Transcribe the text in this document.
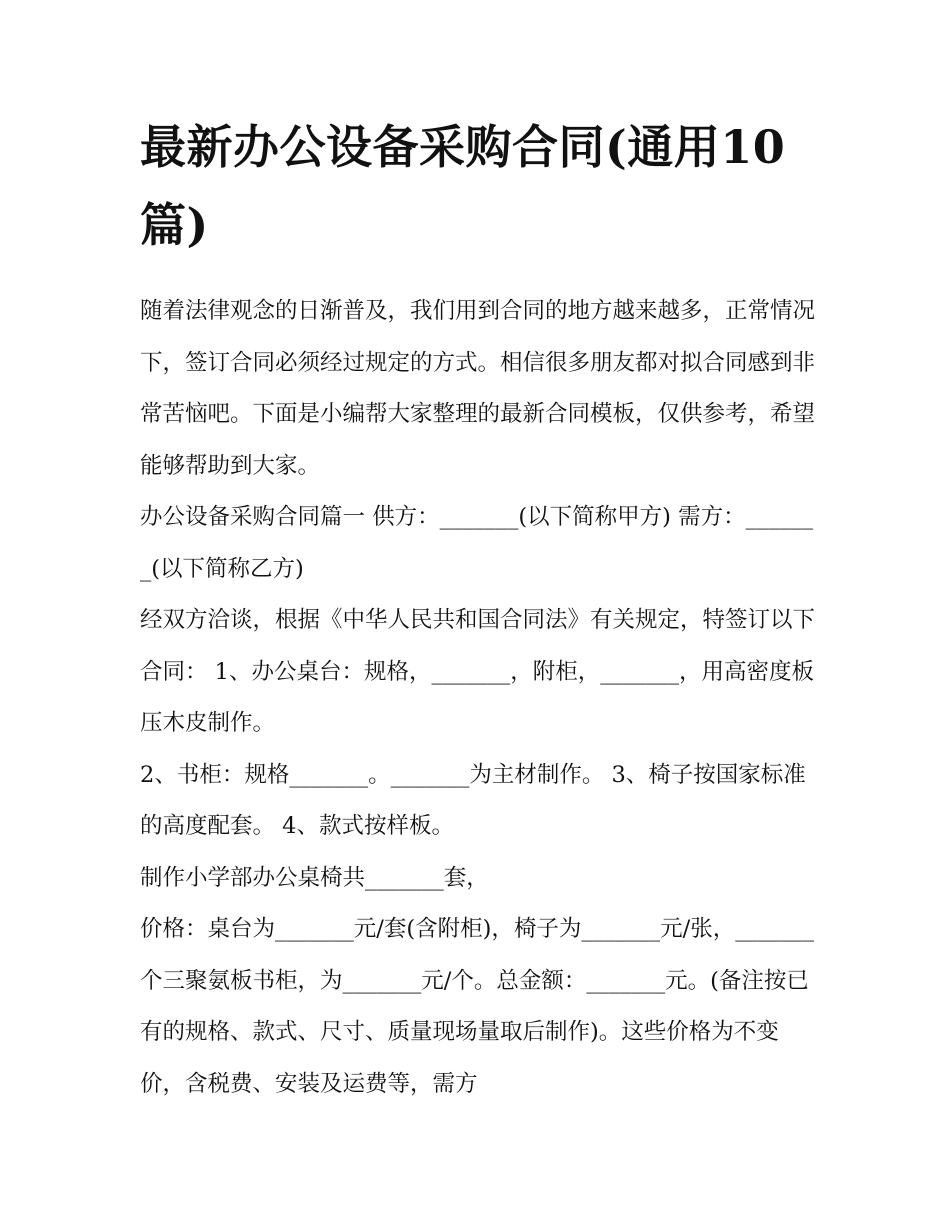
最新办公设备采购合同(通用10篇)

随着法律观念的日渐普及，我们用到合同的地方越来越多，正常情况下，签订合同必须经过规定的方式。相信很多朋友都对拟合同感到非常苦恼吧。下面是小编帮大家整理的最新合同模板，仅供参考，希望能够帮助到大家。

办公设备采购合同篇一 供方：_______(以下简称甲方) 需方：_______(以下简称乙方)

经双方洽谈，根据《中华人民共和国合同法》有关规定，特签订以下合同： 1、办公桌台：规格，_______，附柜，_______，用高密度板压木皮制作。

2、书柜：规格_______。_______为主材制作。 3、椅子按国家标准的高度配套。 4、款式按样板。

制作小学部办公桌椅共_______套，

价格：桌台为_______元/套(含附柜)，椅子为_______元/张，_______个三聚氨板书柜，为_______元/个。总金额：_______元。(备注按已有的规格、款式、尺寸、质量现场量取后制作)。这些价格为不变价，含税费、安装及运费等，需方
